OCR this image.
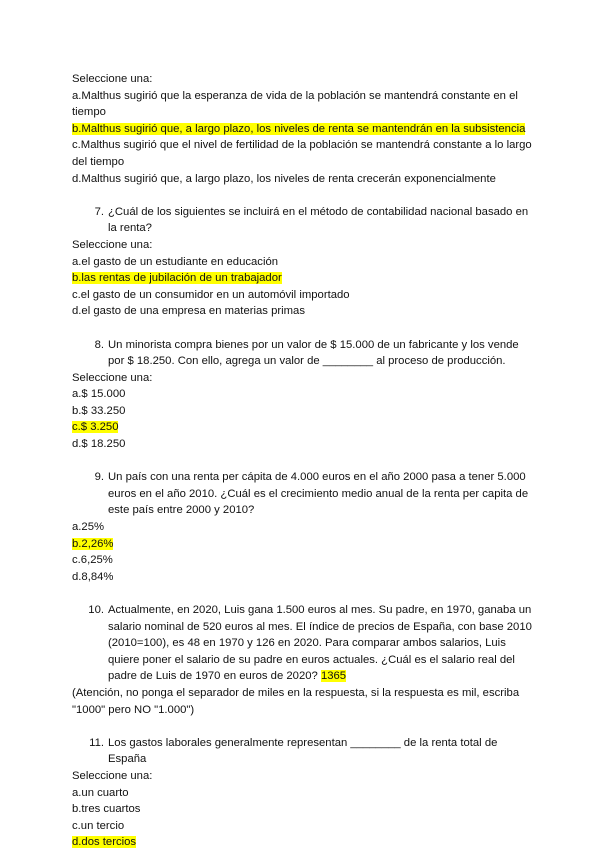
Seleccione una:
a.Malthus sugirió que la esperanza de vida de la población se mantendrá constante en el tiempo
b.Malthus sugirió que, a largo plazo, los niveles de renta se mantendrán en la subsistencia
c.Malthus sugirió que el nivel de fertilidad de la población se mantendrá constante a lo largo del tiempo
d.Malthus sugirió que, a largo plazo, los niveles de renta crecerán exponencialmente
7. ¿Cuál de los siguientes se incluirá en el método de contabilidad nacional basado en la renta?
Seleccione una:
a.el gasto de un estudiante en educación
b.las rentas de jubilación de un trabajador
c.el gasto de un consumidor en un automóvil importado
d.el gasto de una empresa en materias primas
8. Un minorista compra bienes por un valor de $ 15.000 de un fabricante y los vende por $ 18.250. Con ello, agrega un valor de ________ al proceso de producción.
Seleccione una:
a.$ 15.000
b.$ 33.250
c.$ 3.250
d.$ 18.250
9. Un país con una renta per cápita de 4.000 euros en el año 2000 pasa a tener 5.000 euros en el año 2010. ¿Cuál es el crecimiento medio anual de la renta per capita de este país entre 2000 y 2010?
a.25%
b.2,26%
c.6,25%
d.8,84%
10. Actualmente, en 2020, Luis gana 1.500 euros al mes. Su padre, en 1970, ganaba un salario nominal de 520 euros al mes. El índice de precios de España, con base 2010 (2010=100), es 48 en 1970 y 126 en 2020. Para comparar ambos salarios, Luis quiere poner el salario de su padre en euros actuales. ¿Cuál es el salario real del padre de Luis de 1970 en euros de 2020? 1365
(Atención, no ponga el separador de miles en la respuesta, si la respuesta es mil, escriba "1000" pero NO "1.000")
11. Los gastos laborales generalmente representan ________ de la renta total de España
Seleccione una:
a.un cuarto
b.tres cuartos
c.un tercio
d.dos tercios
